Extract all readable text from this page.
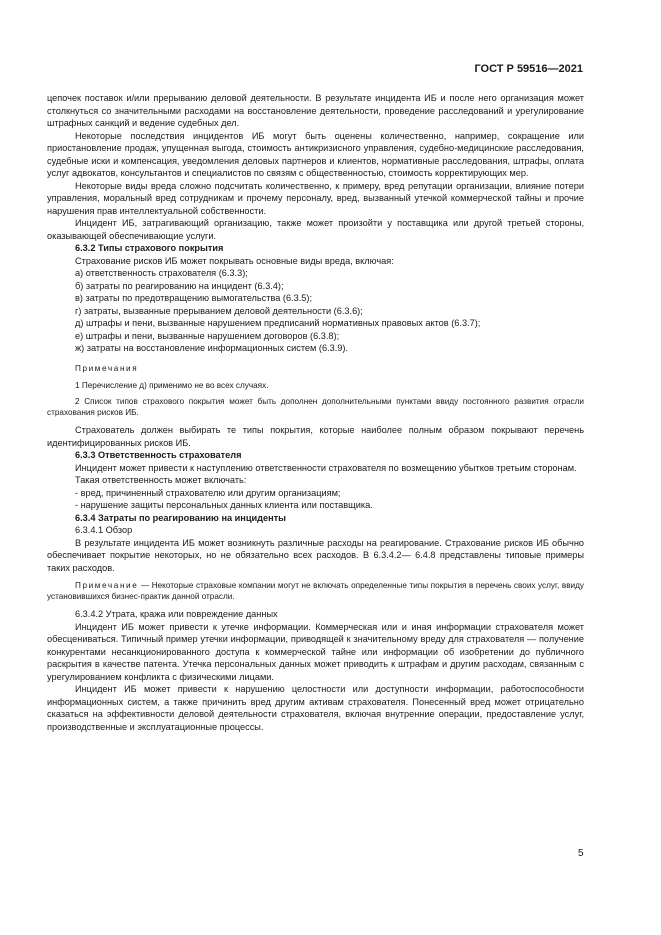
ГОСТ Р 59516—2021

цепочек поставок и/или прерыванию деловой деятельности. В результате инцидента ИБ и после него организация может столкнуться со значительными расходами на восстановление деятельности, проведение расследований и урегулирование штрафных санкций и ведение судебных дел.

Некоторые последствия инцидентов ИБ могут быть оценены количественно, например, сокращение или приостановление продаж, упущенная выгода, стоимость антикризисного управления, судебно-медицинские расследования, судебные иски и компенсация, уведомления деловых партнеров и клиентов, нормативные расследования, штрафы, оплата услуг адвокатов, консультантов и специалистов по связям с общественностью, стоимость корректирующих мер.

Некоторые виды вреда сложно подсчитать количественно, к примеру, вред репутации организации, влияние потери управления, моральный вред сотрудникам и прочему персоналу, вред, вызванный утечкой коммерческой тайны и прочие нарушения прав интеллектуальной собственности.

Инцидент ИБ, затрагивающий организацию, также может произойти у поставщика или другой третьей стороны, оказывающей обеспечивающие услуги.

6.3.2 Типы страхового покрытия

Страхование рисков ИБ может покрывать основные виды вреда, включая:

а) ответственность страхователя (6.3.3);

б) затраты по реагированию на инцидент (6.3.4);

в) затраты по предотвращению вымогательства (6.3.5);

г) затраты, вызванные прерыванием деловой деятельности (6.3.6);

д) штрафы и пени, вызванные нарушением предписаний нормативных правовых актов (6.3.7);

е) штрафы и пени, вызванные нарушением договоров (6.3.8);

ж) затраты на восстановление информационных систем (6.3.9).

Примечания

1 Перечисление д) применимо не во всех случаях.

2 Список типов страхового покрытия может быть дополнен дополнительными пунктами ввиду постоянного развития отрасли страхования рисков ИБ.

Страхователь должен выбирать те типы покрытия, которые наиболее полным образом покрывают перечень идентифицированных рисков ИБ.

6.3.3 Ответственность страхователя

Инцидент может привести к наступлению ответственности страхователя по возмещению убытков третьим сторонам.

Такая ответственность может включать:

- вред, причиненный страхователю или другим организациям;

- нарушение защиты персональных данных клиента или поставщика.

6.3.4 Затраты по реагированию на инциденты

6.3.4.1 Обзор

В результате инцидента ИБ может возникнуть различные расходы на реагирование. Страхование рисков ИБ обычно обеспечивает покрытие некоторых, но не обязательно всех расходов. В 6.3.4.2— 6.4.8 представлены типовые примеры таких расходов.

Примечание — Некоторые страховые компании могут не включать определенные типы покрытия в перечень своих услуг, ввиду установившихся бизнес-практик данной отрасли.

6.3.4.2 Утрата, кража или повреждение данных

Инцидент ИБ может привести к утечке информации. Коммерческая или и иная информации страхователя может обесцениваться. Типичный пример утечки информации, приводящей к значительному вреду для страхователя — получение конкурентами несанкционированного доступа к коммерческой тайне или информации об изобретении до публичного раскрытия в качестве патента. Утечка персональных данных может приводить к штрафам и другим расходам, связанным с урегулированием конфликта с физическими лицами.

Инцидент ИБ может привести к нарушению целостности или доступности информации, работоспособности информационных систем, а также причинить вред другим активам страхователя. Понесенный вред может отрицательно сказаться на эффективности деловой деятельности страхователя, включая внутренние операции, предоставление услуг, производственные и эксплуатационные процессы.

5
